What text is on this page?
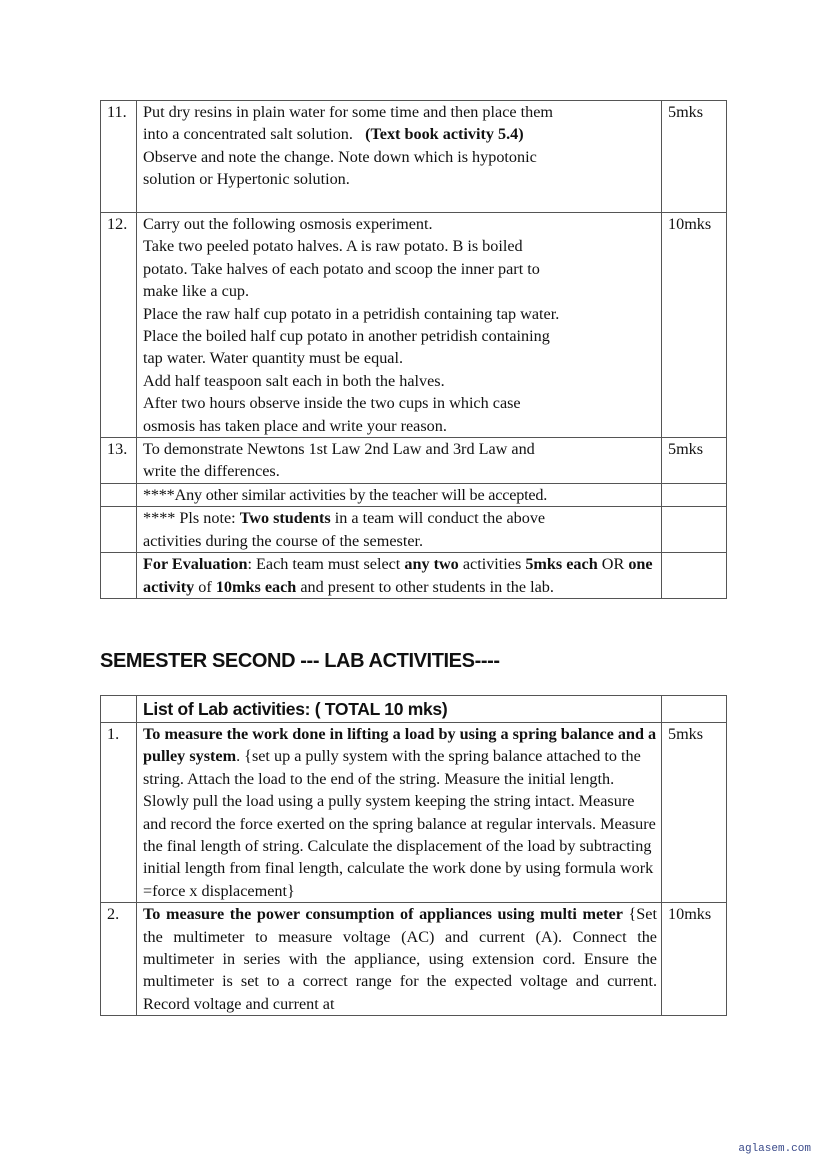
11.	Put dry resins in plain water for some time and then place them
into a concentrated salt solution.   (Text book activity 5.4)
Observe and note the change. Note down which is hypotonic
solution or Hypertonic solution.	5mks
12.	Carry out the following osmosis experiment.
Take two peeled potato halves. A is raw potato. B is boiled
potato. Take halves of each potato and scoop the inner part to
make like a cup.
Place the raw half cup potato in a petridish containing tap water.
Place the boiled half cup potato in another petridish containing
tap water. Water quantity must be equal.
Add half teaspoon salt each in both the halves.
After two hours observe inside the two cups in which case
osmosis has taken place and write your reason.
	10mks
13.	To demonstrate Newtons 1st Law 2nd Law and 3rd Law and
write the differences.	5mks
	****Any other similar activities by the teacher will be accepted.	
	**** Pls note: Two students in a team will conduct the above
activities during the course of the semester.	

	For Evaluation: Each team must select any two activities 5mks each OR one activity of 10mks each and present to other students in the lab.	
SEMESTER SECOND --- LAB ACTIVITIES----
	List of Lab activities: ( TOTAL 10 mks)	
1.	To measure the work done in lifting a load by using a spring balance and a pulley system. {set up a pully system with the spring balance attached to the string. Attach the load to the end of the string. Measure the initial length. Slowly pull the load using a pully system keeping the string intact. Measure and record the force exerted on the spring balance at regular intervals. Measure the final length of string. Calculate the displacement of the load by subtracting initial length from final length, calculate the work done by using formula work =force x displacement}	5mks
2.	To measure the power consumption of appliances using multi meter {Set the multimeter to measure voltage (AC) and current (A). Connect the multimeter in series with the appliance, using extension cord. Ensure the multimeter is set to a correct range for the expected voltage and current. Record voltage and current at	10mks
aglasem.com
